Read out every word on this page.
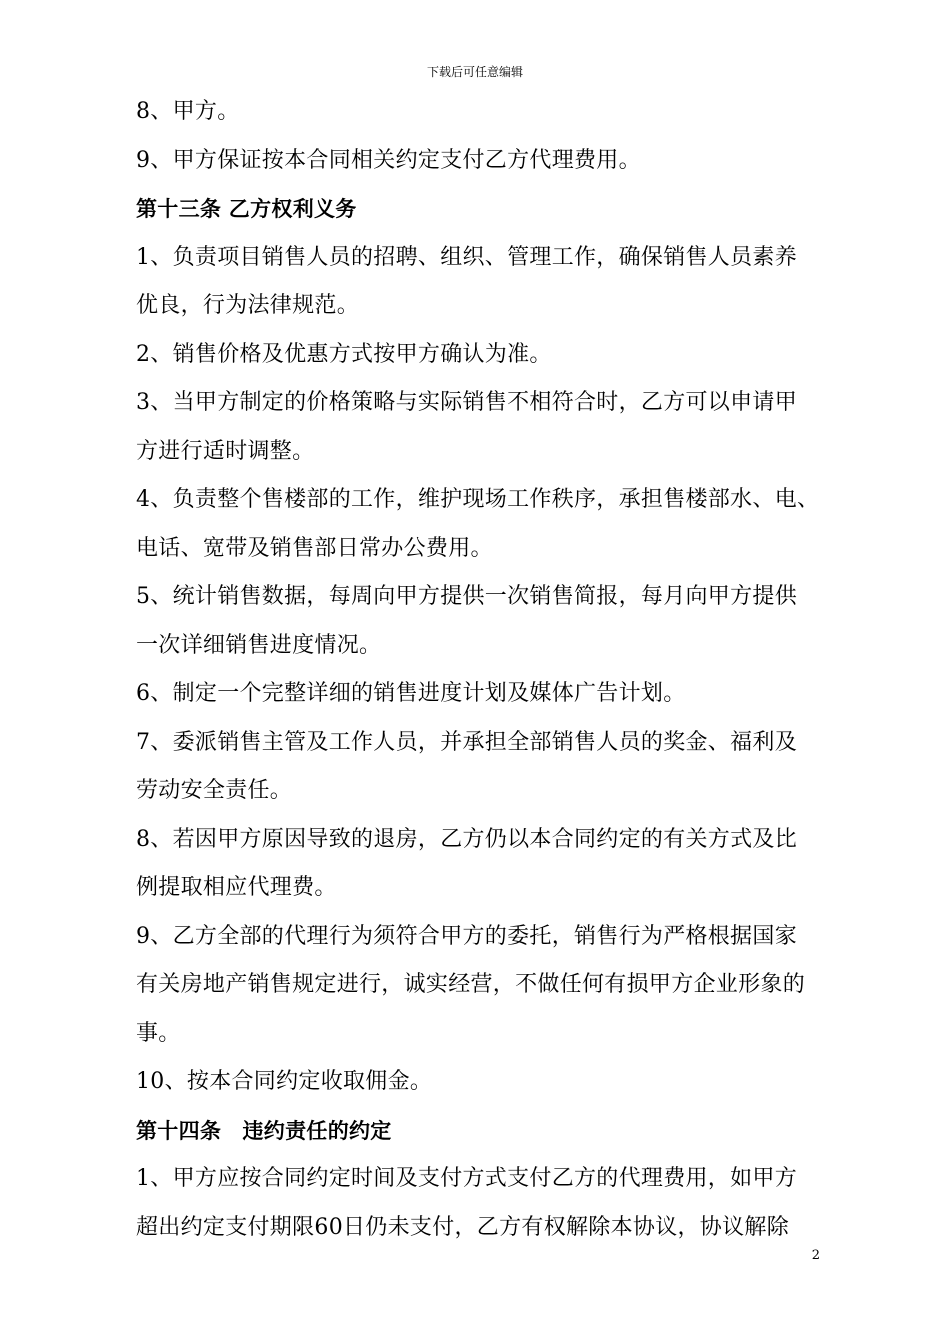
下载后可任意编辑
8、甲方。
9、甲方保证按本合同相关约定支付乙方代理费用。
第十三条 乙方权利义务
1、负责项目销售人员的招聘、组织、管理工作，确保销售人员素养
优良，行为法律规范。
2、销售价格及优惠方式按甲方确认为准。
3、当甲方制定的价格策略与实际销售不相符合时，乙方可以申请甲
方进行适时调整。
4、负责整个售楼部的工作，维护现场工作秩序，承担售楼部水、电、
电话、宽带及销售部日常办公费用。
5、统计销售数据，每周向甲方提供一次销售简报，每月向甲方提供
一次详细销售进度情况。
6、制定一个完整详细的销售进度计划及媒体广告计划。
7、委派销售主管及工作人员，并承担全部销售人员的奖金、福利及
劳动安全责任。
8、若因甲方原因导致的退房，乙方仍以本合同约定的有关方式及比
例提取相应代理费。
9、乙方全部的代理行为须符合甲方的委托，销售行为严格根据国家
有关房地产销售规定进行，诚实经营，不做任何有损甲方企业形象的
事。
10、按本合同约定收取佣金。
第十四条　违约责任的约定
1、甲方应按合同约定时间及支付方式支付乙方的代理费用，如甲方
超出约定支付期限60日仍未支付，乙方有权解除本协议，协议解除
2
